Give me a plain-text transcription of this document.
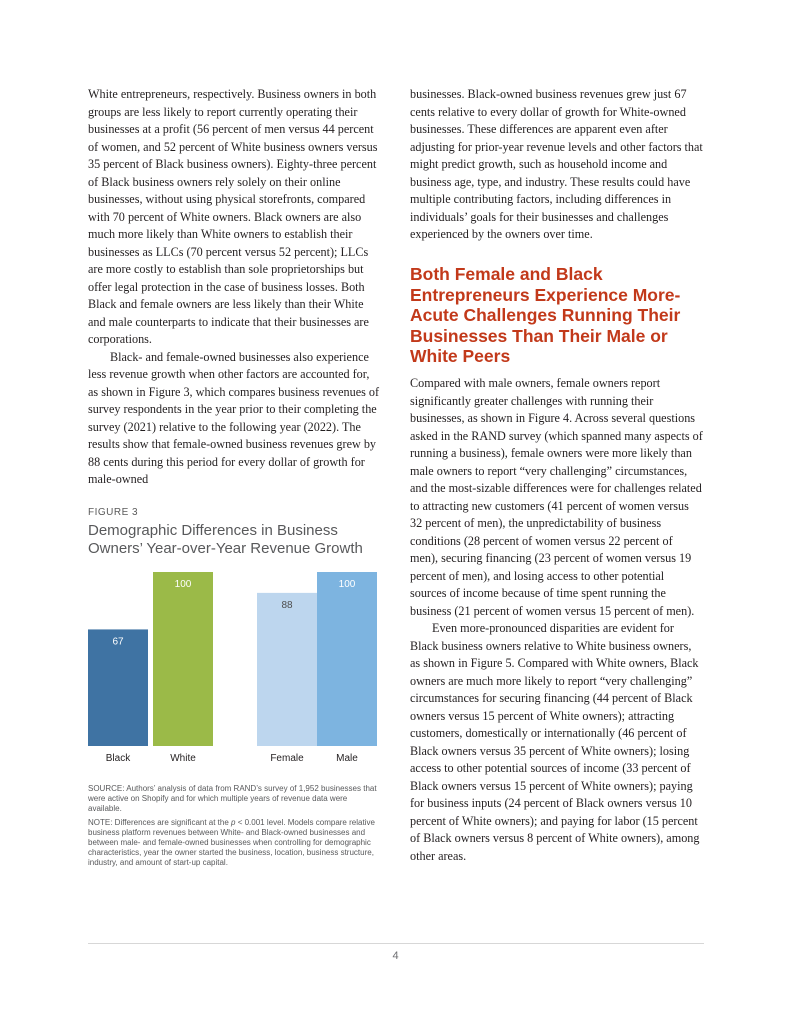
White entrepreneurs, respectively. Business owners in both groups are less likely to report currently operating their businesses at a profit (56 percent of men versus 44 percent of women, and 52 percent of White business owners versus 35 percent of Black business owners). Eighty-three percent of Black business owners rely solely on their online businesses, without using physical storefronts, compared with 70 percent of White owners. Black owners are also much more likely than White owners to establish their businesses as LLCs (70 percent versus 52 percent); LLCs are more costly to establish than sole proprietorships but offer legal protection in the case of business losses. Both Black and female owners are less likely than their White and male counterparts to indicate that their businesses are corporations.

Black- and female-owned businesses also experience less revenue growth when other factors are accounted for, as shown in Figure 3, which compares business revenues of survey respondents in the year prior to their completing the survey (2021) relative to the following year (2022). The results show that female-owned business revenues grew by 88 cents during this period for every dollar of growth for male-owned

FIGURE 3
Demographic Differences in Business Owners’ Year-over-Year Revenue Growth
67
Black
100
White
88
Female
100
Male

SOURCE: Authors’ analysis of data from RAND’s survey of 1,952 businesses that were active on Shopify and for which multiple years of revenue data were available.

NOTE: Differences are significant at the p < 0.001 level. Models compare relative business platform revenues between White- and Black-owned businesses and between male- and female-owned businesses when controlling for demographic characteristics, year the owner started the business, location, business structure, industry, and amount of start-up capital.

businesses. Black-owned business revenues grew just 67 cents relative to every dollar of growth for White-owned businesses. These differences are apparent even after adjusting for prior-year revenue levels and other factors that might predict growth, such as household income and business age, type, and industry. These results could have multiple contributing factors, including differences in individuals’ goals for their businesses and challenges experienced by the owners over time.

Both Female and Black Entrepreneurs Experience More-Acute Challenges Running Their Businesses Than Their Male or White Peers

Compared with male owners, female owners report significantly greater challenges with running their businesses, as shown in Figure 4. Across several questions asked in the RAND survey (which spanned many aspects of running a business), female owners were more likely than male owners to report “very challenging” circumstances, and the most-sizable differences were for challenges related to attracting new customers (41 percent of women versus 32 percent of men), the unpredictability of business conditions (28 percent of women versus 22 percent of men), securing financing (23 percent of women versus 19 percent of men), and losing access to other potential sources of income because of time spent running the business (21 percent of women versus 15 percent of men).

Even more-pronounced disparities are evident for Black business owners relative to White business owners, as shown in Figure 5. Compared with White owners, Black owners are much more likely to report “very challenging” circumstances for securing financing (44 percent of Black owners versus 15 percent of White owners); attracting customers, domestically or internationally (46 percent of Black owners versus 35 percent of White owners); losing access to other potential sources of income (33 percent of Black owners versus 15 percent of White owners); paying for business inputs (24 percent of Black owners versus 10 percent of White owners); and paying for labor (15 percent of Black owners versus 8 percent of White owners), among other areas.

4
